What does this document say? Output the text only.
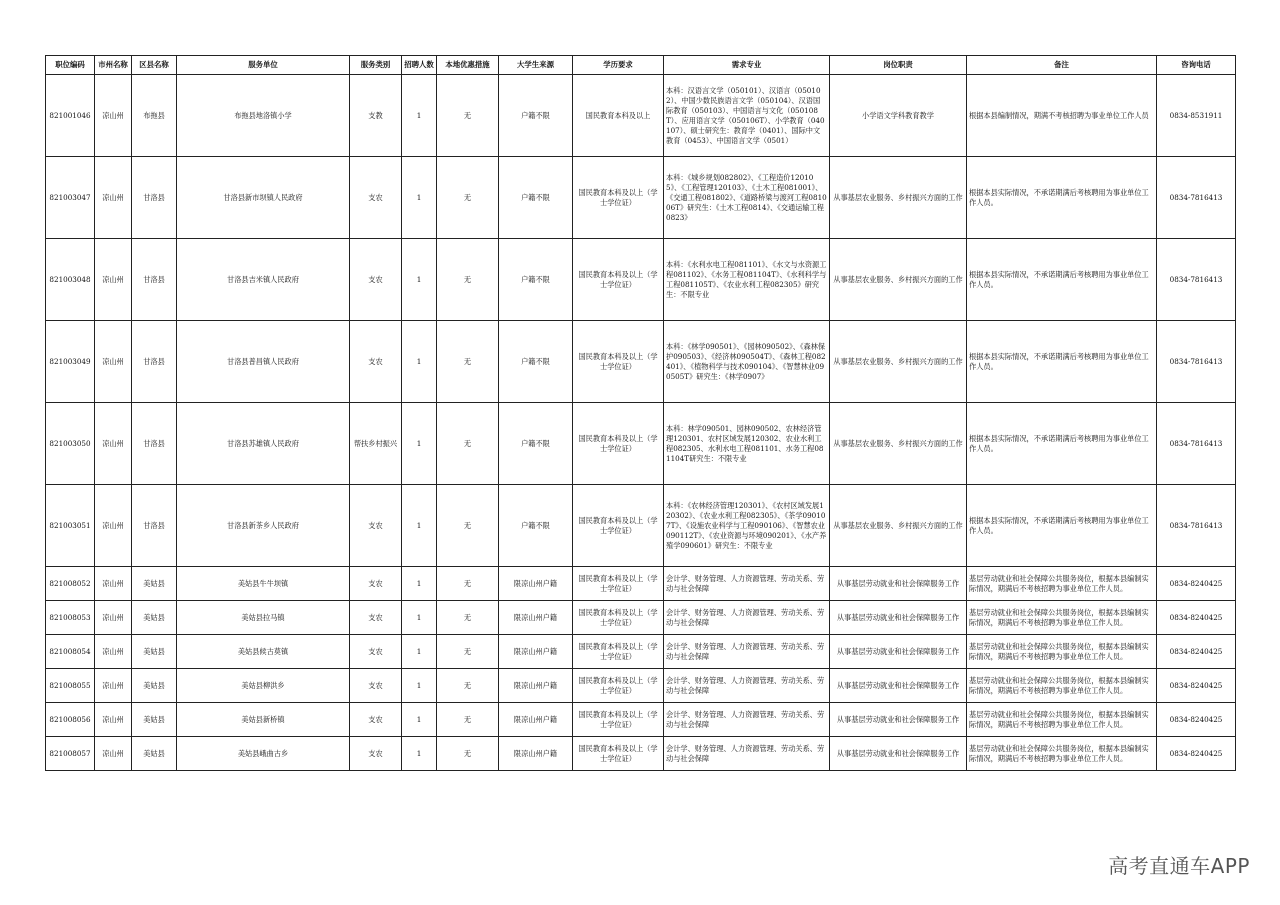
职位编码	市州名称	区县名称	服务单位	服务类别	招聘人数	本地优惠措施	大学生来源	学历要求	需求专业	岗位职责	备注	咨询电话
821001046	凉山州	布拖县	布拖县地洛镇小学	支教	1	无	户籍不限	国民教育本科及以上	本科：汉语言文学（050101）、汉语言（050102）、中国少数民族语言文学（050104）、汉语国际教育（050103）、中国语言与文化（050108T）、应用语言文学（050106T）、小学教育（040107）、硕士研究生：教育学（0401）、国际中文教育（0453）、中国语言文学（0501）	小学语文学科教育教学	根据本县编制情况，期满不考核招聘为事业单位工作人员	0834-8531911
821003047	凉山州	甘洛县	甘洛县新市坝镇人民政府	支农	1	无	户籍不限	国民教育本科及以上（学士学位证）	本科：《城乡规划082802》、《工程造价120105》、《工程管理120103》、《土木工程081001》、《交通工程081802》、《道路桥梁与渡河工程081006T》研究生：《土木工程0814》、《交通运输工程0823》	从事基层农业服务、乡村振兴方面的工作	根据本县实际情况，不承诺期满后考核聘用为事业单位工作人员。	0834-7816413
821003048	凉山州	甘洛县	甘洛县吉米镇人民政府	支农	1	无	户籍不限	国民教育本科及以上（学士学位证）	本科：《水利水电工程081101》、《水文与水资源工程081102》、《水务工程081104T》、《水利科学与工程081105T》、《农业水利工程082305》研究生：不限专业	从事基层农业服务、乡村振兴方面的工作	根据本县实际情况，不承诺期满后考核聘用为事业单位工作人员。	0834-7816413
821003049	凉山州	甘洛县	甘洛县普昌镇人民政府	支农	1	无	户籍不限	国民教育本科及以上（学士学位证）	本科：《林学090501》、《园林090502》、《森林保护090503》、《经济林090504T》、《森林工程082401》、《植物科学与技术090104》、《智慧林业090505T》研究生：《林学0907》	从事基层农业服务、乡村振兴方面的工作	根据本县实际情况，不承诺期满后考核聘用为事业单位工作人员。	0834-7816413
821003050	凉山州	甘洛县	甘洛县苏雄镇人民政府	帮扶乡村振兴	1	无	户籍不限	国民教育本科及以上（学士学位证）	本科：林学090501、园林090502、农林经济管理120301、农村区域发展120302、农业水利工程082305、水利水电工程081101、水务工程081104T研究生：不限专业	从事基层农业服务、乡村振兴方面的工作	根据本县实际情况，不承诺期满后考核聘用为事业单位工作人员。	0834-7816413
821003051	凉山州	甘洛县	甘洛县新茶乡人民政府	支农	1	无	户籍不限	国民教育本科及以上（学士学位证）	本科：《农林经济管理120301》、《农村区域发展120302》、《农业水利工程082305》、《茶学090107T》、《设施农业科学与工程090106》、《智慧农业090112T》、《农业资源与环境090201》、《水产养殖学090601》研究生：不限专业	从事基层农业服务、乡村振兴方面的工作	根据本县实际情况，不承诺期满后考核聘用为事业单位工作人员。	0834-7816413
821008052	凉山州	美姑县	美姑县牛牛坝镇	支农	1	无	限凉山州户籍	国民教育本科及以上（学士学位证）	会计学、财务管理、人力资源管理、劳动关系、劳动与社会保障	从事基层劳动就业和社会保障服务工作	基层劳动就业和社会保障公共服务岗位，根据本县编制实际情况，期满后不考核招聘为事业单位工作人员。	0834-8240425
821008053	凉山州	美姑县	美姑县拉马镇	支农	1	无	限凉山州户籍	国民教育本科及以上（学士学位证）	会计学、财务管理、人力资源管理、劳动关系、劳动与社会保障	从事基层劳动就业和社会保障服务工作	基层劳动就业和社会保障公共服务岗位，根据本县编制实际情况，期满后不考核招聘为事业单位工作人员。	0834-8240425
821008054	凉山州	美姑县	美姑县候古莫镇	支农	1	无	限凉山州户籍	国民教育本科及以上（学士学位证）	会计学、财务管理、人力资源管理、劳动关系、劳动与社会保障	从事基层劳动就业和社会保障服务工作	基层劳动就业和社会保障公共服务岗位，根据本县编制实际情况，期满后不考核招聘为事业单位工作人员。	0834-8240425
821008055	凉山州	美姑县	美姑县柳洪乡	支农	1	无	限凉山州户籍	国民教育本科及以上（学士学位证）	会计学、财务管理、人力资源管理、劳动关系、劳动与社会保障	从事基层劳动就业和社会保障服务工作	基层劳动就业和社会保障公共服务岗位，根据本县编制实际情况，期满后不考核招聘为事业单位工作人员。	0834-8240425
821008056	凉山州	美姑县	美姑县新桥镇	支农	1	无	限凉山州户籍	国民教育本科及以上（学士学位证）	会计学、财务管理、人力资源管理、劳动关系、劳动与社会保障	从事基层劳动就业和社会保障服务工作	基层劳动就业和社会保障公共服务岗位，根据本县编制实际情况，期满后不考核招聘为事业单位工作人员。	0834-8240425
821008057	凉山州	美姑县	美姑县峨曲古乡	支农	1	无	限凉山州户籍	国民教育本科及以上（学士学位证）	会计学、财务管理、人力资源管理、劳动关系、劳动与社会保障	从事基层劳动就业和社会保障服务工作	基层劳动就业和社会保障公共服务岗位，根据本县编制实际情况，期满后不考核招聘为事业单位工作人员。	0834-8240425
高考直通车APP
